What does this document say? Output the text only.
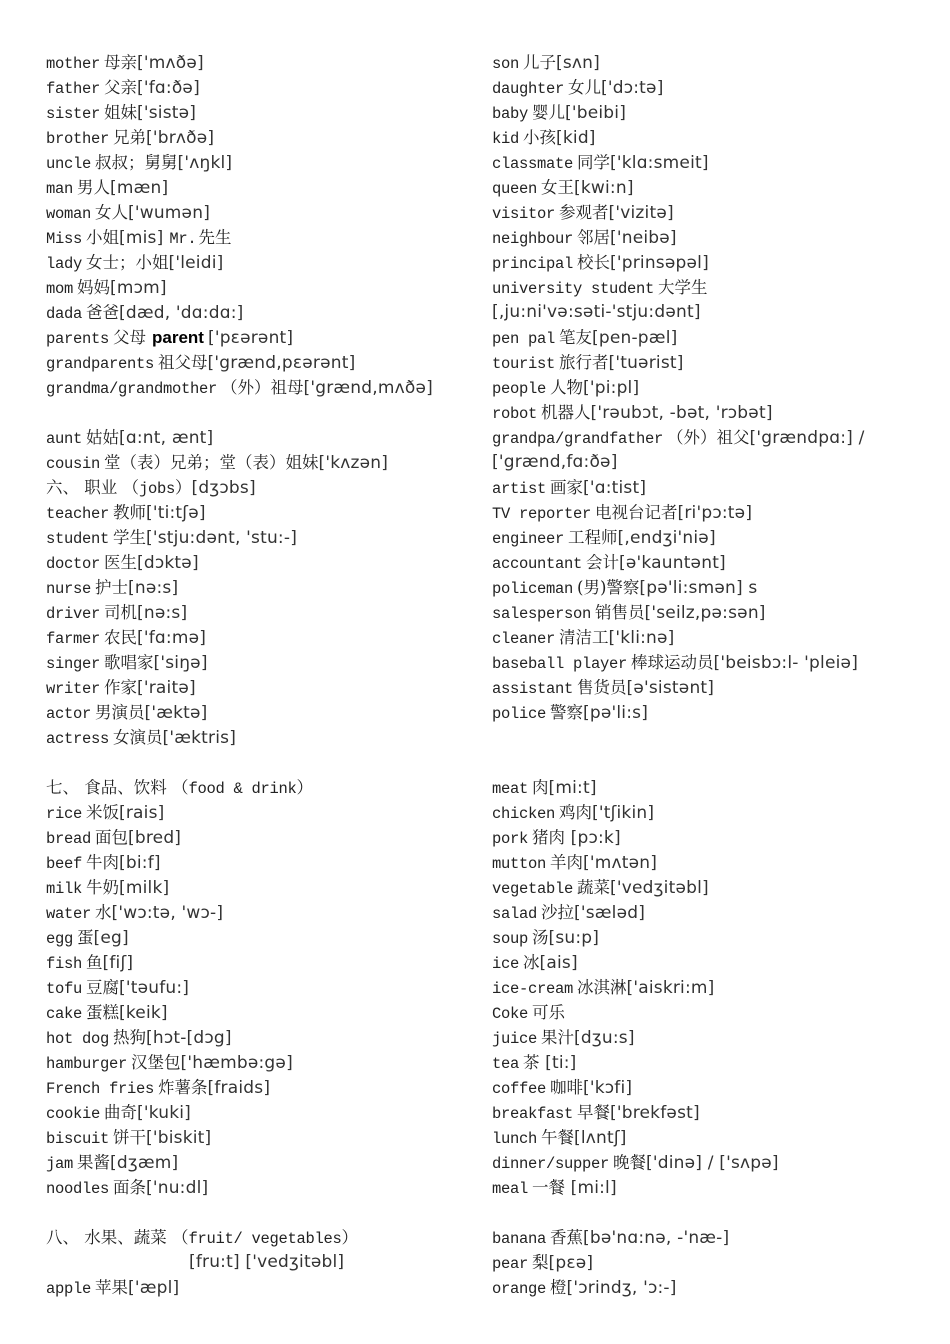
mother 母亲['mʌðə]
father 父亲['fɑ:ðə]
sister 姐妹['sistə]
brother 兄弟['brʌðə]
uncle 叔叔；舅舅['ʌŋkl]
man 男人[mæn]
woman 女人['wumən]
Miss 小姐[mis] Mr. 先生
lady 女士；小姐['leidi]
mom 妈妈[mɔm]
dada 爸爸[dæd, 'dɑ:dɑ:]
parents 父母 parent ['pɛərənt]
grandparents 祖父母['grænd,pɛərənt]
grandma/grandmother （外）祖母['grænd,mʌðə]
aunt 姑姑[ɑ:nt, ænt]
cousin 堂（表）兄弟；堂（表）姐妹['kʌzən]
六、 职业 （jobs）[dʒɔbs]
teacher 教师['ti:tʃə]
student 学生['stju:dənt, 'stu:-]
doctor 医生[dɔktə]
nurse 护士[nə:s]
driver 司机[nə:s]
farmer 农民['fɑ:mə]
singer 歌唱家['siŋə]
writer 作家['raitə]
actor 男演员['æktə]
actress 女演员['æktris]
七、 食品、饮料 （food & drink）
rice 米饭[rais]
bread 面包[bred]
beef 牛肉[bi:f]
milk 牛奶[milk]
water 水['wɔ:tə, 'wɔ-]
egg 蛋[eg]
fish 鱼[fiʃ]
tofu 豆腐['təufu:]
cake 蛋糕[keik]
hot dog 热狗[hɔt-[dɔg]
hamburger 汉堡包['hæmbə:gə]
French fries 炸薯条[fraids]
cookie 曲奇['kuki]
biscuit 饼干['biskit]
jam 果酱[dʒæm]
noodles 面条['nu:dl]
八、 水果、蔬菜 （fruit/ vegetables）
[fru:t] ['vedʒitəbl]
apple 苹果['æpl]
son 儿子[sʌn]
daughter 女儿['dɔ:tə]
baby 婴儿['beibi]
kid 小孩[kid]
classmate 同学['klɑ:smeit]
queen 女王[kwi:n]
visitor 参观者['vizitə]
neighbour 邻居['neibə]
principal 校长['prinsəpəl]
university student 大学生
[,ju:ni'və:səti-'stju:dənt]
pen pal 笔友[pen-pæl]
tourist 旅行者['tuərist]
people 人物['pi:pl]
robot 机器人['rəubɔt, -bət, 'rɔbət]
grandpa/grandfather （外）祖父['grændpɑ:] /
['grænd,fɑ:ðə]
artist 画家['ɑ:tist]
TV reporter 电视台记者[ri'pɔ:tə]
engineer 工程师[,endʒi'niə]
accountant 会计[ə'kauntənt]
policeman (男)警察[pə'li:smən] s
salesperson 销售员['seilz,pə:sən]
cleaner 清洁工['kli:nə]
baseball player 棒球运动员['beisbɔ:l- 'pleiə]
assistant 售货员[ə'sistənt]
police 警察[pə'li:s]
meat 肉[mi:t]
chicken 鸡肉['tʃikin]
pork 猪肉 [pɔ:k]
mutton 羊肉['mʌtən]
vegetable 蔬菜['vedʒitəbl]
salad 沙拉['sæləd]
soup 汤[su:p]
ice 冰[ais]
ice-cream 冰淇淋['aiskri:m]
Coke 可乐
juice 果汁[dʒu:s]
tea 茶 [ti:]
coffee 咖啡['kɔfi]
breakfast 早餐['brekfəst]
lunch 午餐[lʌntʃ]
dinner/supper 晚餐['dinə] / ['sʌpə]
meal 一餐 [mi:l]
banana 香蕉[bə'nɑ:nə, -'næ-]
pear 梨[pɛə]
orange 橙['ɔrindʒ, 'ɔ:-]
